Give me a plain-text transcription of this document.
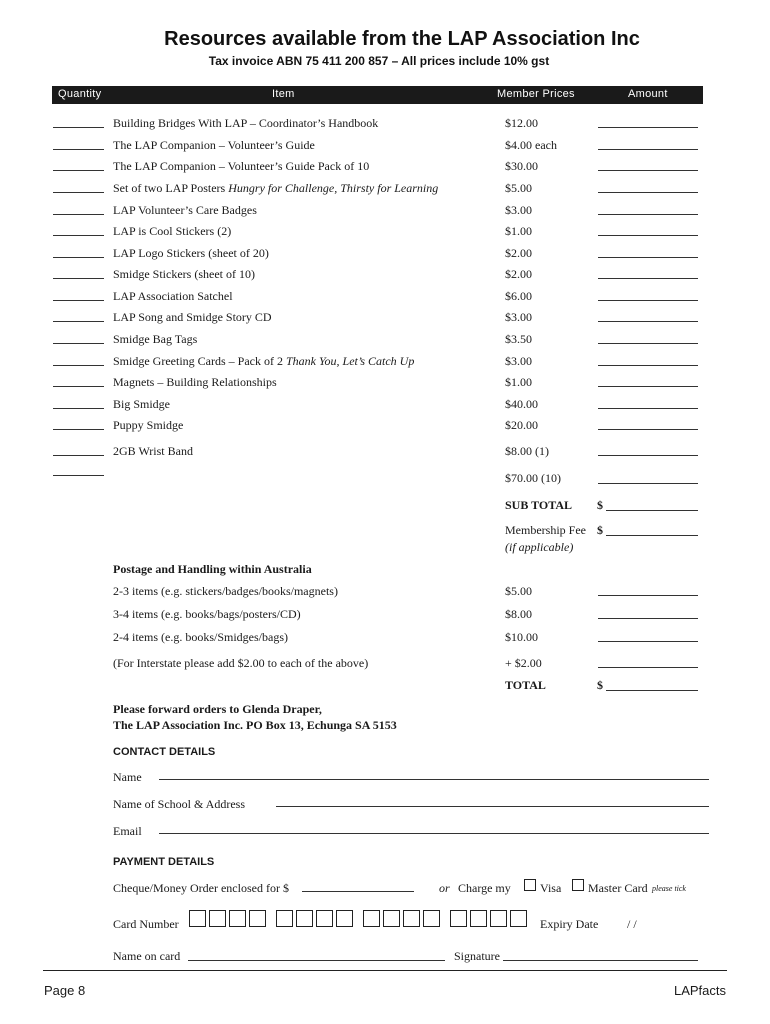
Resources available from the LAP Association Inc
Tax invoice ABN 75 411 200 857 – All prices include 10% gst
Quantity	Item	Member Prices	Amount
Building Bridges With LAP – Coordinator’s Handbook	$12.00
The LAP Companion – Volunteer’s Guide	$4.00 each
The LAP Companion – Volunteer’s Guide Pack of 10	$30.00
Set of two LAP Posters Hungry for Challenge, Thirsty for Learning	$5.00
LAP Volunteer’s Care Badges	$3.00
LAP is Cool Stickers (2)	$1.00
LAP Logo Stickers (sheet of 20)	$2.00
Smidge Stickers (sheet of 10)	$2.00
LAP Association Satchel	$6.00
LAP Song and Smidge Story CD	$3.00
Smidge Bag Tags	$3.50
Smidge Greeting Cards – Pack of 2 Thank You, Let’s Catch Up	$3.00
Magnets – Building Relationships	$1.00
Big Smidge	$40.00
Puppy Smidge	$20.00
2GB Wrist Band	$8.00 (1)
$70.00 (10)
SUB TOTAL $
Membership Fee $
(if applicable)
Postage and Handling within Australia
2-3 items (e.g. stickers/badges/books/magnets)	$5.00
3-4 items (e.g. books/bags/posters/CD)	$8.00
2-4 items (e.g. books/Smidges/bags)	$10.00
(For Interstate please add $2.00 to each of the above)	+ $2.00
TOTAL	$
Please forward orders to Glenda Draper,
The LAP Association Inc. PO Box 13, Echunga SA 5153
CONTACT DETAILS
Name
Name of School & Address
Email
PAYMENT DETAILS
Cheque/Money Order enclosed for $	or Charge my Visa Master Card please tick
Card Number	Expiry Date / /
Name on card	Signature
Page 8	LAPfacts
